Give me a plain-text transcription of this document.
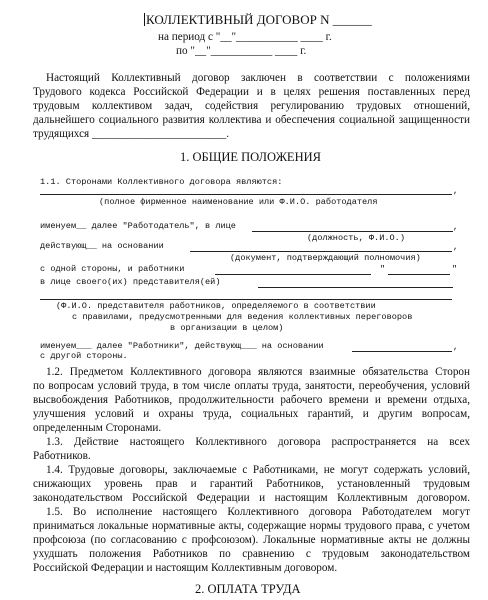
КОЛЛЕКТИВНЫЙ ДОГОВОР N ______
на период с "__"___________ ____ г.
по "__"___________ ____ г.
Настоящий Коллективный договор заключен в соответствии с положениями
Трудового кодекса Российской Федерации и в целях решения поставленных перед
трудовым коллективом задач, содействия регулированию трудовых отношений,
дальнейшего социального развития коллектива и обеспечения социальной защищенности
трудящихся ________________________.
1. ОБЩИЕ ПОЛОЖЕНИЯ
1.1. Сторонами Коллективного договора являются:
,
(полное фирменное наименование или Ф.И.О. работодателя
именуем__ далее "Работодатель", в лице	,
(должность, Ф.И.О.)
действующ__ на основании	,
(документ, подтверждающий полномочия)
с одной стороны, и работники	"	"
в лице своего(их) представителя(ей)
(Ф.И.О. представителя работников, определяемого в соответствии
с правилами, предусмотренными для ведения коллективных переговоров
в организации в целом)
именуем___ далее "Работники", действующ___ на основании	,
с другой стороны.
1.2. Предметом Коллективного договора являются взаимные обязательства Сторон
по вопросам условий труда, в том числе оплаты труда, занятости, переобучения, условий
высвобождения Работников, продолжительности рабочего времени и времени отдыха,
улучшения условий и охраны труда, социальных гарантий, и другим вопросам,
определенным Сторонами.
1.3. Действие настоящего Коллективного договора распространяется на всех
Работников.
1.4. Трудовые договоры, заключаемые с Работниками, не могут содержать условий,
снижающих уровень прав и гарантий Работников, установленный трудовым
законодательством Российской Федерации и настоящим Коллективным договором.
1.5. Во исполнение настоящего Коллективного договора Работодателем могут
приниматься локальные нормативные акты, содержащие нормы трудового права, с учетом
профсоюза (по согласованию с профсоюзом). Локальные нормативные акты не должны
ухудшать положения Работников по сравнению с трудовым законодательством
Российской Федерации и настоящим Коллективным договором.
2. ОПЛАТА ТРУДА
